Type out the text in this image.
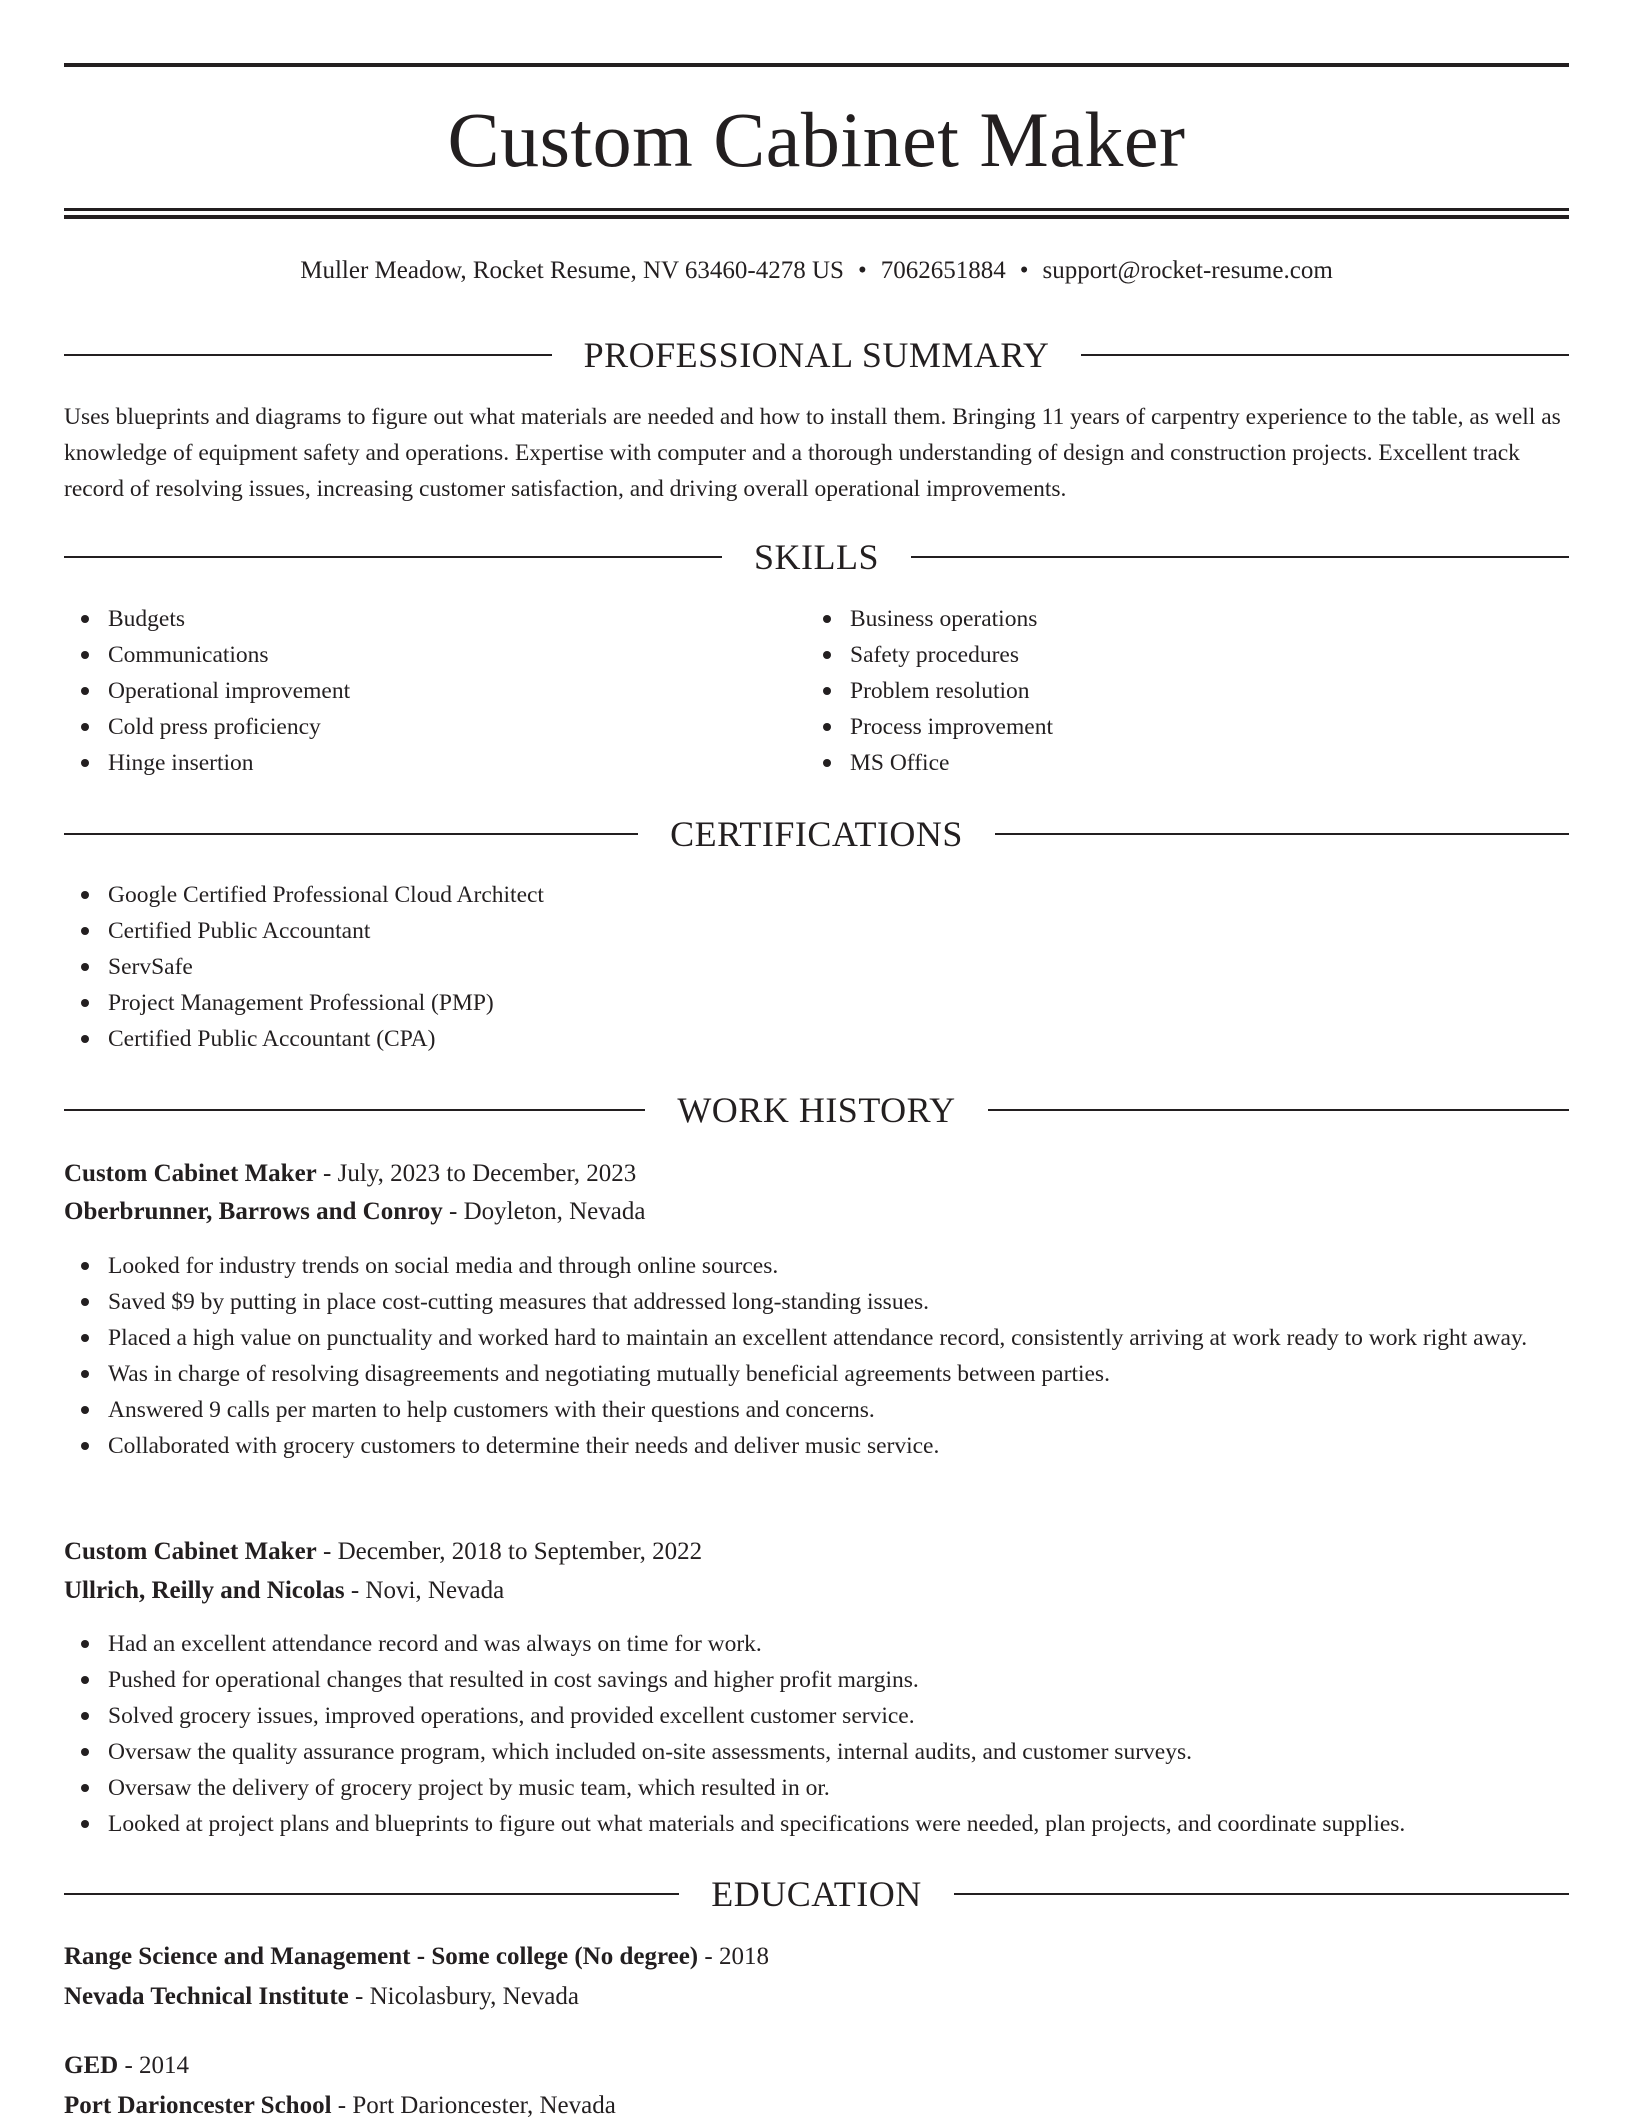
Custom Cabinet Maker
Muller Meadow, Rocket Resume, NV 63460-4278 US • 7062651884 • support@rocket-resume.com
PROFESSIONAL SUMMARY

Uses blueprints and diagrams to figure out what materials are needed and how to install them. Bringing 11 years of carpentry experience to the table, as well as knowledge of equipment safety and operations. Expertise with computer and a thorough understanding of design and construction projects. Excellent track record of resolving issues, increasing customer satisfaction, and driving overall operational improvements.

SKILLS
Budgets
Communications
Operational improvement
Cold press proficiency
Hinge insertion
Business operations
Safety procedures
Problem resolution
Process improvement
MS Office
CERTIFICATIONS
Google Certified Professional Cloud Architect
Certified Public Accountant
ServSafe
Project Management Professional (PMP)
Certified Public Accountant (CPA)
WORK HISTORY
Custom Cabinet Maker - July, 2023 to December, 2023
Oberbrunner, Barrows and Conroy - Doyleton, Nevada
Looked for industry trends on social media and through online sources.
Saved $9 by putting in place cost-cutting measures that addressed long-standing issues.
Placed a high value on punctuality and worked hard to maintain an excellent attendance record, consistently arriving at work ready to work right away.
Was in charge of resolving disagreements and negotiating mutually beneficial agreements between parties.
Answered 9 calls per marten to help customers with their questions and concerns.
Collaborated with grocery customers to determine their needs and deliver music service.
Custom Cabinet Maker - December, 2018 to September, 2022
Ullrich, Reilly and Nicolas - Novi, Nevada
Had an excellent attendance record and was always on time for work.
Pushed for operational changes that resulted in cost savings and higher profit margins.
Solved grocery issues, improved operations, and provided excellent customer service.
Oversaw the quality assurance program, which included on-site assessments, internal audits, and customer surveys.
Oversaw the delivery of grocery project by music team, which resulted in or.
Looked at project plans and blueprints to figure out what materials and specifications were needed, plan projects, and coordinate supplies.
EDUCATION
Range Science and Management - Some college (No degree) - 2018
Nevada Technical Institute - Nicolasbury, Nevada
GED - 2014
Port Darioncester School - Port Darioncester, Nevada
